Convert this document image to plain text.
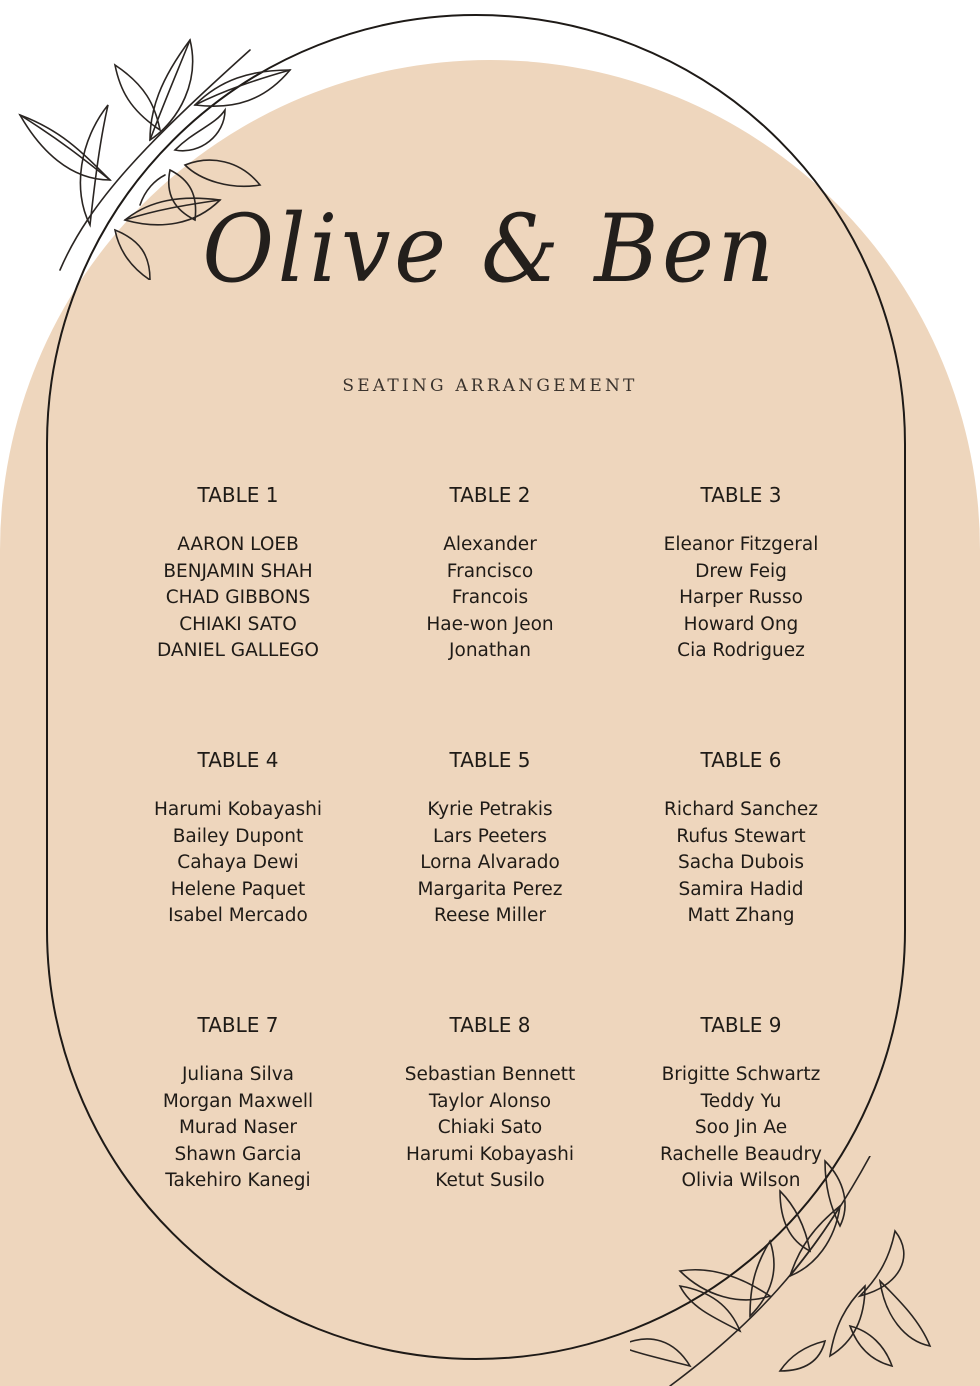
Olive & Ben
SEATING ARRANGEMENT
TABLE 1
AARON LOEB
BENJAMIN SHAH
CHAD GIBBONS
CHIAKI SATO
DANIEL GALLEGO
TABLE 2
Alexander
Francisco
Francois
Hae-won Jeon
Jonathan
TABLE 3
Eleanor Fitzgeral
Drew Feig
Harper Russo
Howard Ong
Cia Rodriguez
TABLE 4
Harumi Kobayashi
Bailey Dupont
Cahaya Dewi
Helene Paquet
Isabel Mercado
TABLE 5
Kyrie Petrakis
Lars Peeters
Lorna Alvarado
Margarita Perez
Reese Miller
TABLE 6
Richard Sanchez
Rufus Stewart
Sacha Dubois
Samira Hadid
Matt Zhang
TABLE 7
Juliana Silva
Morgan Maxwell
Murad Naser
Shawn Garcia
Takehiro Kanegi
TABLE 8
Sebastian Bennett
Taylor Alonso
Chiaki Sato
Harumi Kobayashi
Ketut Susilo
TABLE 9
Brigitte Schwartz
Teddy Yu
Soo Jin Ae
Rachelle Beaudry
Olivia Wilson
